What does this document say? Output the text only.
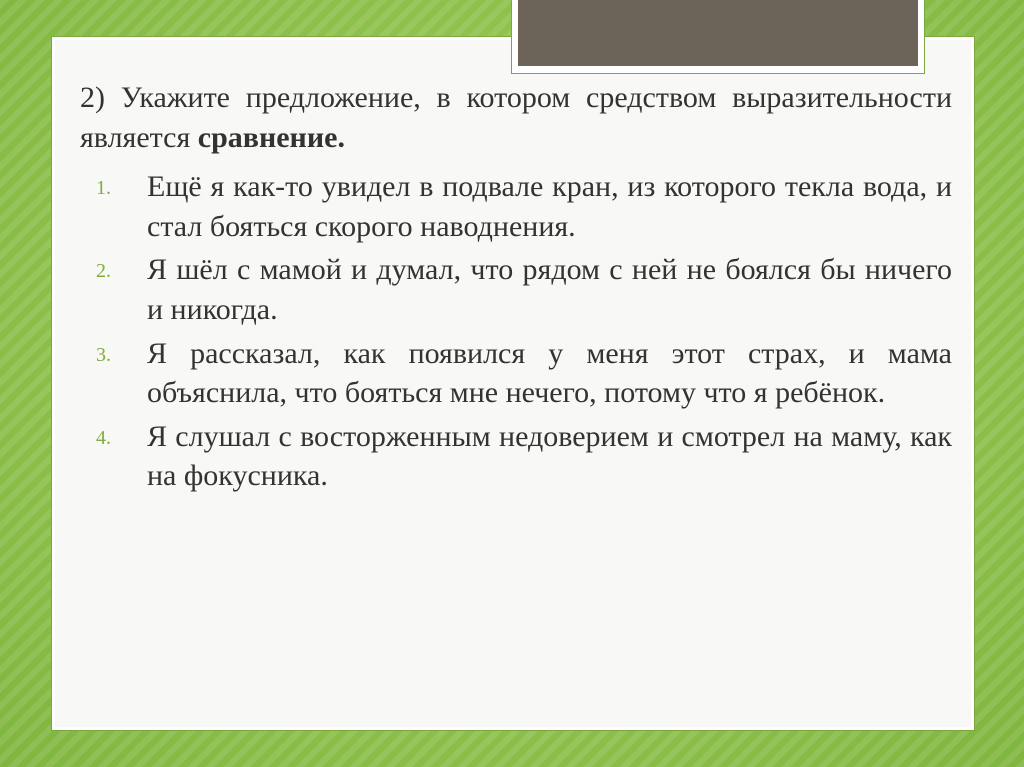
2) Укажите предложение, в котором средством выразительности является сравнение.

1. Ещё я как-то увидел в подвале кран, из которого текла вода, и стал бояться скорого наводнения.
2. Я шёл с мамой и думал, что рядом с ней не боялся бы ничего и никогда.
3. Я рассказал, как появился у меня этот страх, и мама объяснила, что бояться мне нечего, потому что я ребёнок.
4. Я слушал с восторженным недоверием и смотрел на маму, как на фокусника.
